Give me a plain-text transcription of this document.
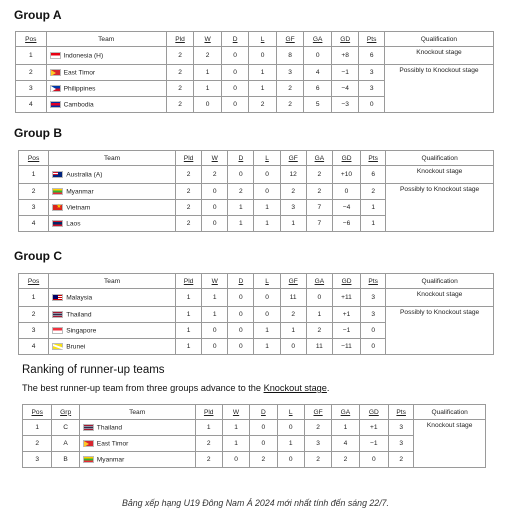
Group A
Pos	Team	Pld	W	D	L	GF	GA	GD	Pts	Qualification
1	Indonesia (H)	2	2	0	0	8	0	+8	6	Knockout stage
2	East Timor	2	1	0	1	3	4	−1	3	Possibly to Knockout stage
3	Philippines	2	1	0	1	2	6	−4	3	
4	Cambodia	2	0	0	2	2	5	−3	0	
Group B
Pos	Team	Pld	W	D	L	GF	GA	GD	Pts	Qualification
1	Australia (A)	2	2	0	0	12	2	+10	6	Knockout stage
2	Myanmar	2	0	2	0	2	2	0	2	Possibly to Knockout stage
3	★Vietnam	2	0	1	1	3	7	−4	1	
4	Laos	2	0	1	1	1	7	−6	1	
Group C
Pos	Team	Pld	W	D	L	GF	GA	GD	Pts	Qualification
1	Malaysia	1	1	0	0	11	0	+11	3	Knockout stage
2	Thailand	1	1	0	0	2	1	+1	3	Possibly to Knockout stage
3	Singapore	1	0	0	1	1	2	−1	0	
4	Brunei	1	0	0	1	0	11	−11	0	
Ranking of runner-up teams
The best runner-up team from three groups advance to the Knockout stage.
Pos	Grp	Team	Pld	W	D	L	GF	GA	GD	Pts	Qualification
1	C	Thailand	1	1	0	0	2	1	+1	3	Knockout stage
2	A	East Timor	2	1	0	1	3	4	−1	3	
3	B	Myanmar	2	0	2	0	2	2	0	2	
Bảng xếp hạng U19 Đông Nam Á 2024 mới nhất tính đến sáng 22/7.
